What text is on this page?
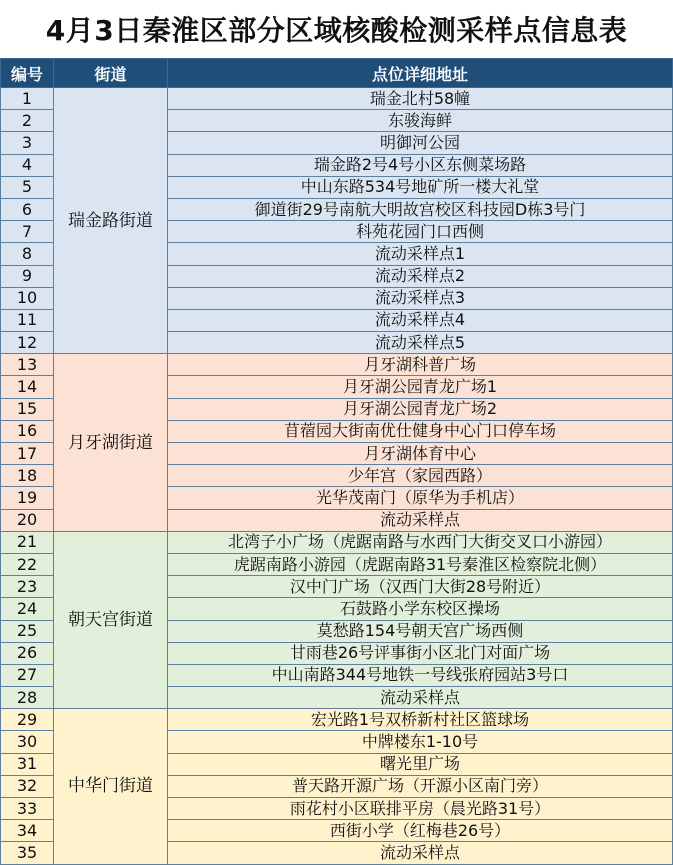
4月3日秦淮区部分区域核酸检测采样点信息表
编号	街道	点位详细地址
1	瑞金路街道	瑞金北村58幢
2		东骏海鲜
3		明御河公园
4		瑞金路2号4号小区东侧菜场路
5		中山东路534号地矿所一楼大礼堂
6		御道街29号南航大明故宫校区科技园D栋3号门
7		科苑花园门口西侧
8		流动采样点1
9		流动采样点2
10		流动采样点3
11		流动采样点4
12		流动采样点5
13	月牙湖街道	月牙湖科普广场
14		月牙湖公园青龙广场1
15		月牙湖公园青龙广场2
16		苜蓿园大街南优仕健身中心门口停车场
17		月牙湖体育中心
18		少年宫（家园西路）
19		光华茂南门（原华为手机店）
20		流动采样点
21	朝天宫街道	北湾子小广场（虎踞南路与水西门大街交叉口小游园）
22		虎踞南路小游园（虎踞南路31号秦淮区检察院北侧）
23		汉中门广场（汉西门大街28号附近）
24		石鼓路小学东校区操场
25		莫愁路154号朝天宫广场西侧
26		甘雨巷26号评事街小区北门对面广场
27		中山南路344号地铁一号线张府园站3号口
28		流动采样点
29	中华门街道	宏光路1号双桥新村社区篮球场
30		中牌楼东1-10号
31		曙光里广场
32		普天路开源广场（开源小区南门旁）
33		雨花村小区联排平房（晨光路31号）
34		西街小学（红梅巷26号）
35		流动采样点
